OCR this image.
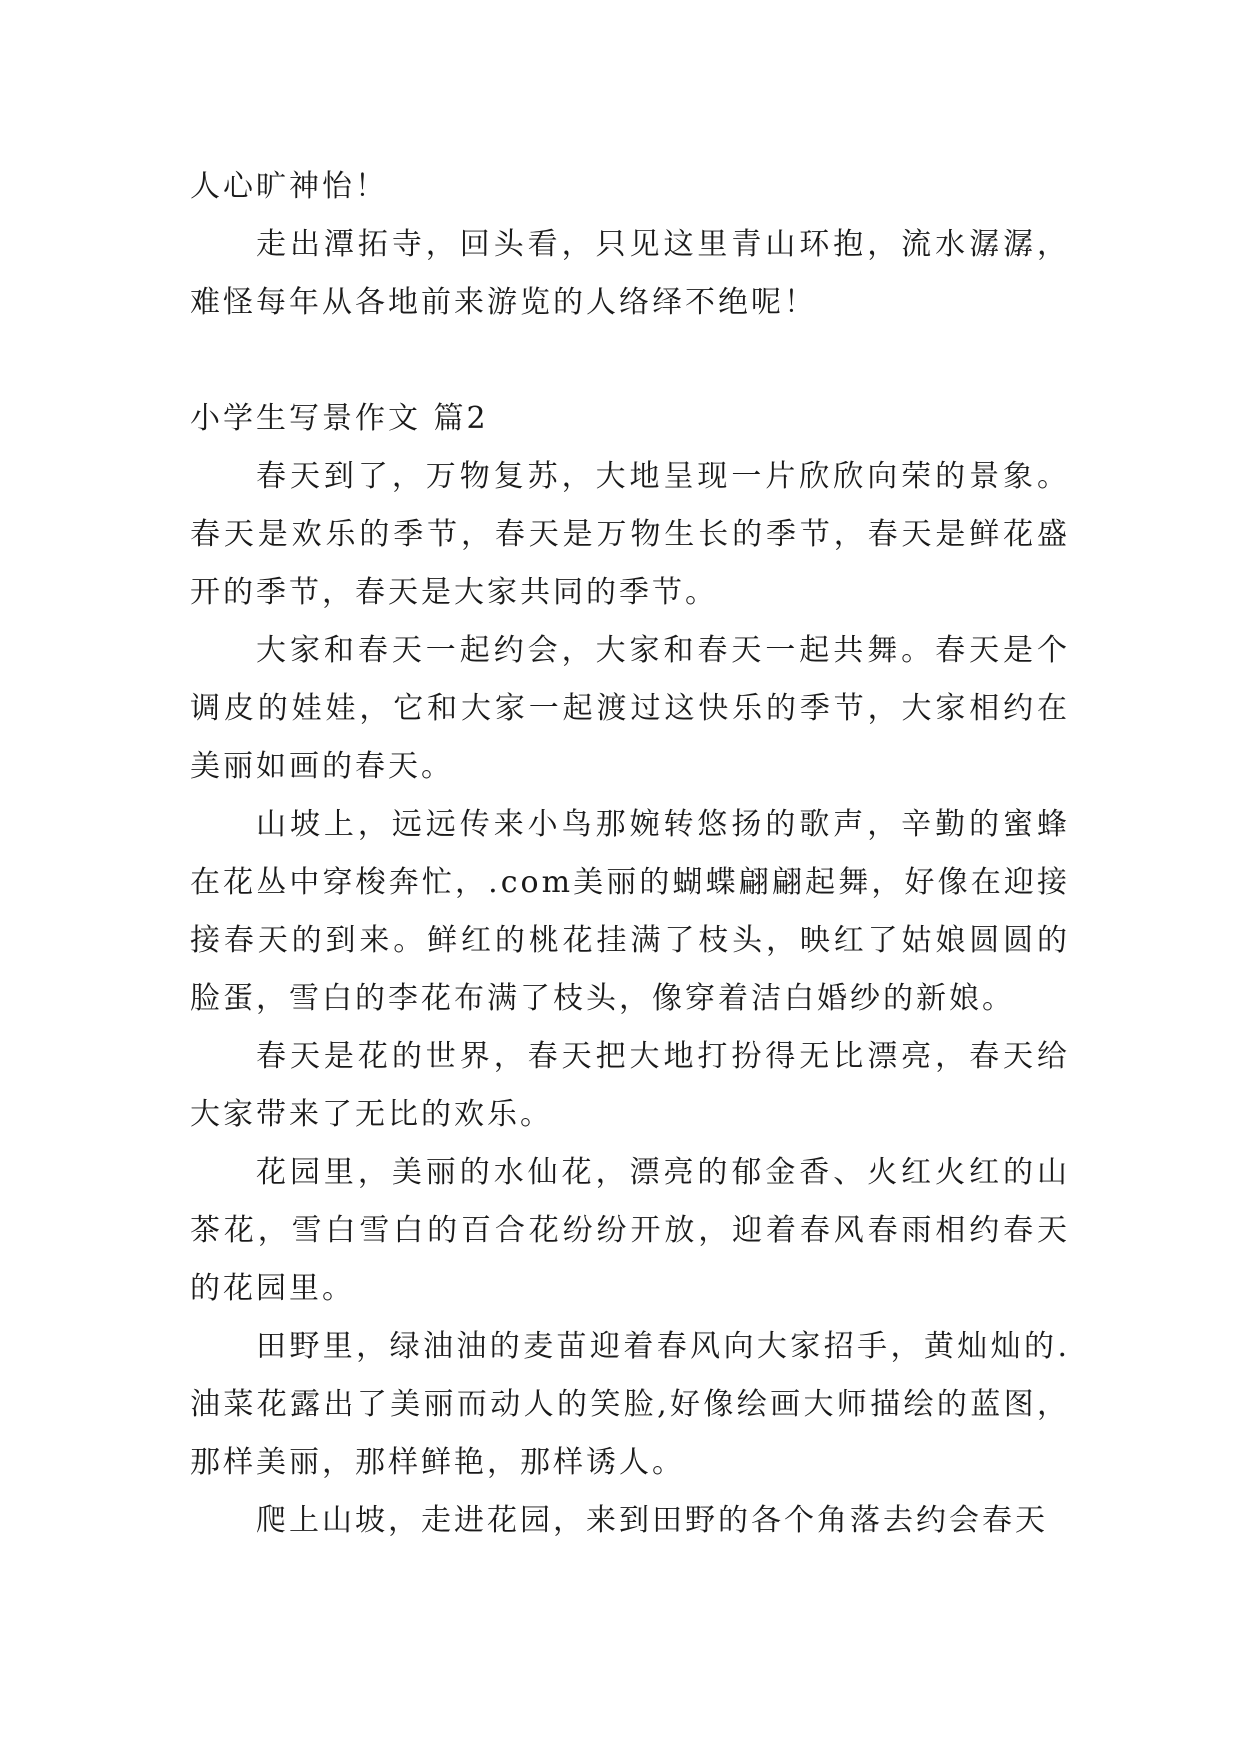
人心旷神怡！

走出潭拓寺，回头看，只见这里青山环抱，流水潺潺，难怪每年从各地前来游览的人络绎不绝呢！

小学生写景作文 篇2

春天到了，万物复苏，大地呈现一片欣欣向荣的景象。春天是欢乐的季节，春天是万物生长的季节，春天是鲜花盛开的季节，春天是大家共同的季节。

大家和春天一起约会，大家和春天一起共舞。春天是个调皮的娃娃，它和大家一起渡过这快乐的季节，大家相约在美丽如画的春天。

山坡上，远远传来小鸟那婉转悠扬的歌声，辛勤的蜜蜂在花丛中穿梭奔忙，.com美丽的蝴蝶翩翩起舞，好像在迎接接春天的到来。鲜红的桃花挂满了枝头，映红了姑娘圆圆的脸蛋，雪白的李花布满了枝头，像穿着洁白婚纱的新娘。

春天是花的世界，春天把大地打扮得无比漂亮，春天给大家带来了无比的欢乐。

花园里，美丽的水仙花，漂亮的郁金香、火红火红的山茶花，雪白雪白的百合花纷纷开放，迎着春风春雨相约春天的花园里。

田野里，绿油油的麦苗迎着春风向大家招手，黄灿灿的.油菜花露出了美丽而动人的笑脸,好像绘画大师描绘的蓝图，那样美丽，那样鲜艳，那样诱人。

爬上山坡，走进花园，来到田野的各个角落去约会春天
